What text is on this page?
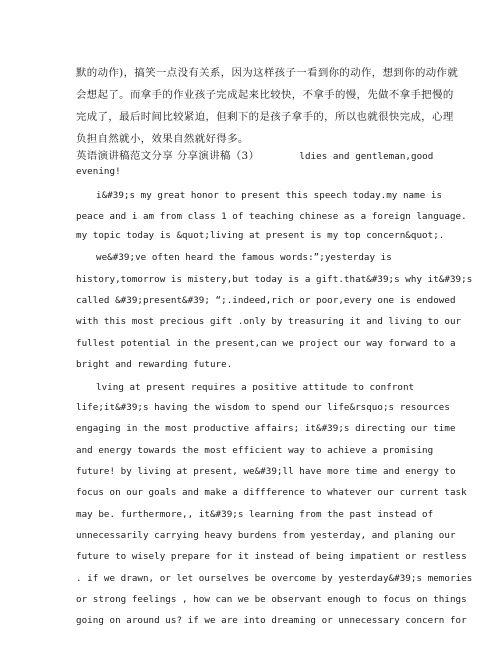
默的动作)，搞笑一点没有关系，因为这样孩子一看到你的动作，想到你的动作就
会想起了。而拿手的作业孩子完成起来比较快，不拿手的慢，先做不拿手把慢的
完成了，最后时间比较紧迫，但剩下的是孩子拿手的，所以也就很快完成，心理
负担自然就小，效果自然就好得多。
英语演讲稿范文分享 分享演讲稿（3）	ldies and gentleman,good
evening!
i&#39;s my great honor to present this speech today.my name is
peace and i am from class 1 of teaching chinese as a foreign language.
my topic today is &quot;living at present is my top concern&quot;.
we&#39;ve often heard the famous words:”;yesterday is
history,tomorrow is mistery,but today is a gift.that&#39;s why it&#39;s
called &#39;present&#39; “;.indeed,rich or poor,every one is endowed
with this most precious gift .only by treasuring it and living to our
fullest potential in the present,can we project our way forward to a
bright and rewarding future.
lving at present requires a positive attitude to confront
life;it&#39;s having the wisdom to spend our life&rsquo;s resources
engaging in the most productive affairs; it&#39;s directing our time
and energy towards the most efficient way to achieve a promising
future! by living at present, we&#39;ll have more time and energy to
focus on our goals and make a diffference to whatever our current task
may be. furthermore,, it&#39;s learning from the past instead of
unnecessarily carrying heavy burdens from yesterday, and planing our
future to wisely prepare for it instead of being impatient or restless
. if we drawn, or let ourselves be overcome by yesterday&#39;s memories
or strong feelings , how can we be observant enough to focus on things
going on around us? if we are into dreaming or unnecessary concern for
